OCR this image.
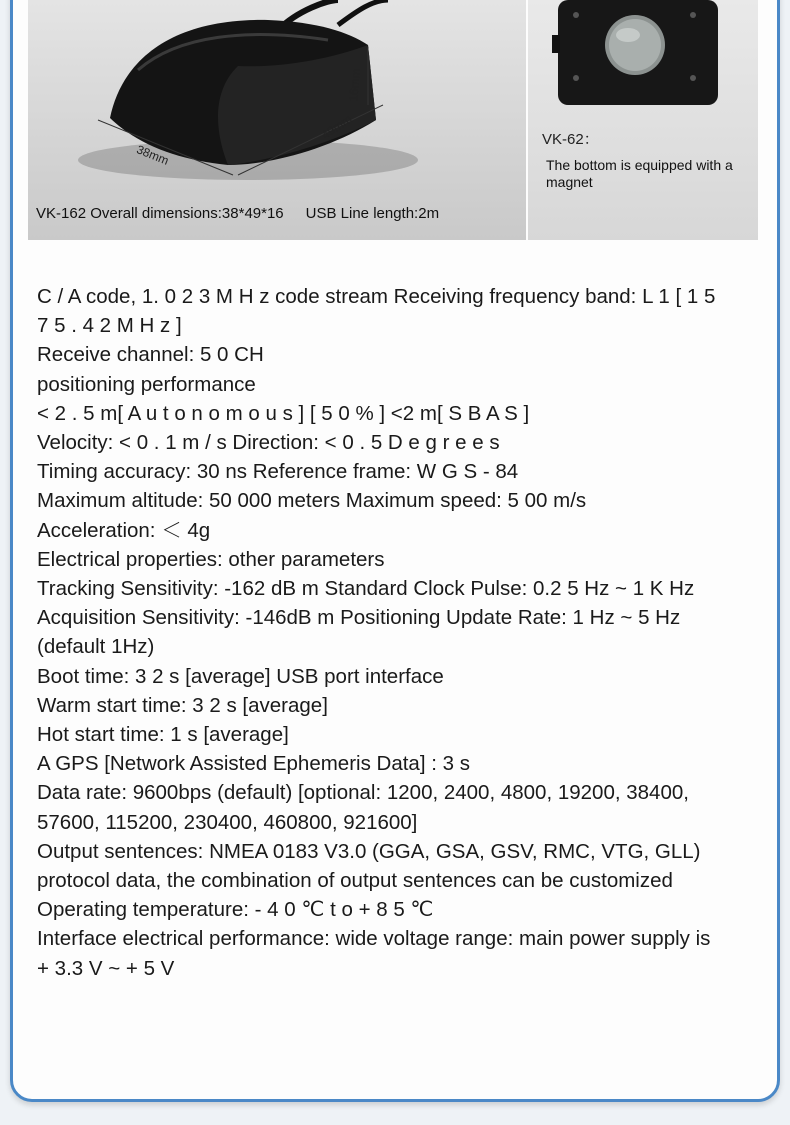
38mm
49mm
16mm
VK-162 Overall dimensions:38*49*16 USB Line length:2m
VK-62：
The bottom is equipped with a magnet

C / A code, 1. 0 2 3 M H z code stream Receiving frequency band: L 1 [ 1 5 7 5 . 4 2 M H z ]

Receive channel: 5 0 CH

positioning performance

< 2 . 5 m[ A u t o n o m o u s ] [ 5 0 % ] <2 m[ S B A S ]

Velocity: < 0 . 1 m / s Direction: < 0 . 5 D e g r e e s

Timing accuracy: 30 ns Reference frame: W G S - 84

Maximum altitude: 50 000 meters Maximum speed: 5 00 m/s

Acceleration: ＜ 4g

Electrical properties: other parameters

Tracking Sensitivity: -162 dB m Standard Clock Pulse: 0.2 5 Hz ~ 1 K Hz

Acquisition Sensitivity: -146dB m Positioning Update Rate: 1 Hz ~ 5 Hz (default 1Hz)

Boot time: 3 2 s [average] USB port interface

Warm start time: 3 2 s [average]

Hot start time: 1 s [average]

A GPS [Network Assisted Ephemeris Data] : 3 s

Data rate: 9600bps (default) [optional: 1200, 2400, 4800, 19200, 38400, 57600, 115200, 230400, 460800, 921600]

Output sentences: NMEA 0183 V3.0 (GGA, GSA, GSV, RMC, VTG, GLL) protocol data, the combination of output sentences can be customized

Operating temperature: - 4 0 ℃ t o + 8 5 ℃

Interface electrical performance: wide voltage range: main power supply is + 3.3 V ~ + 5 V
